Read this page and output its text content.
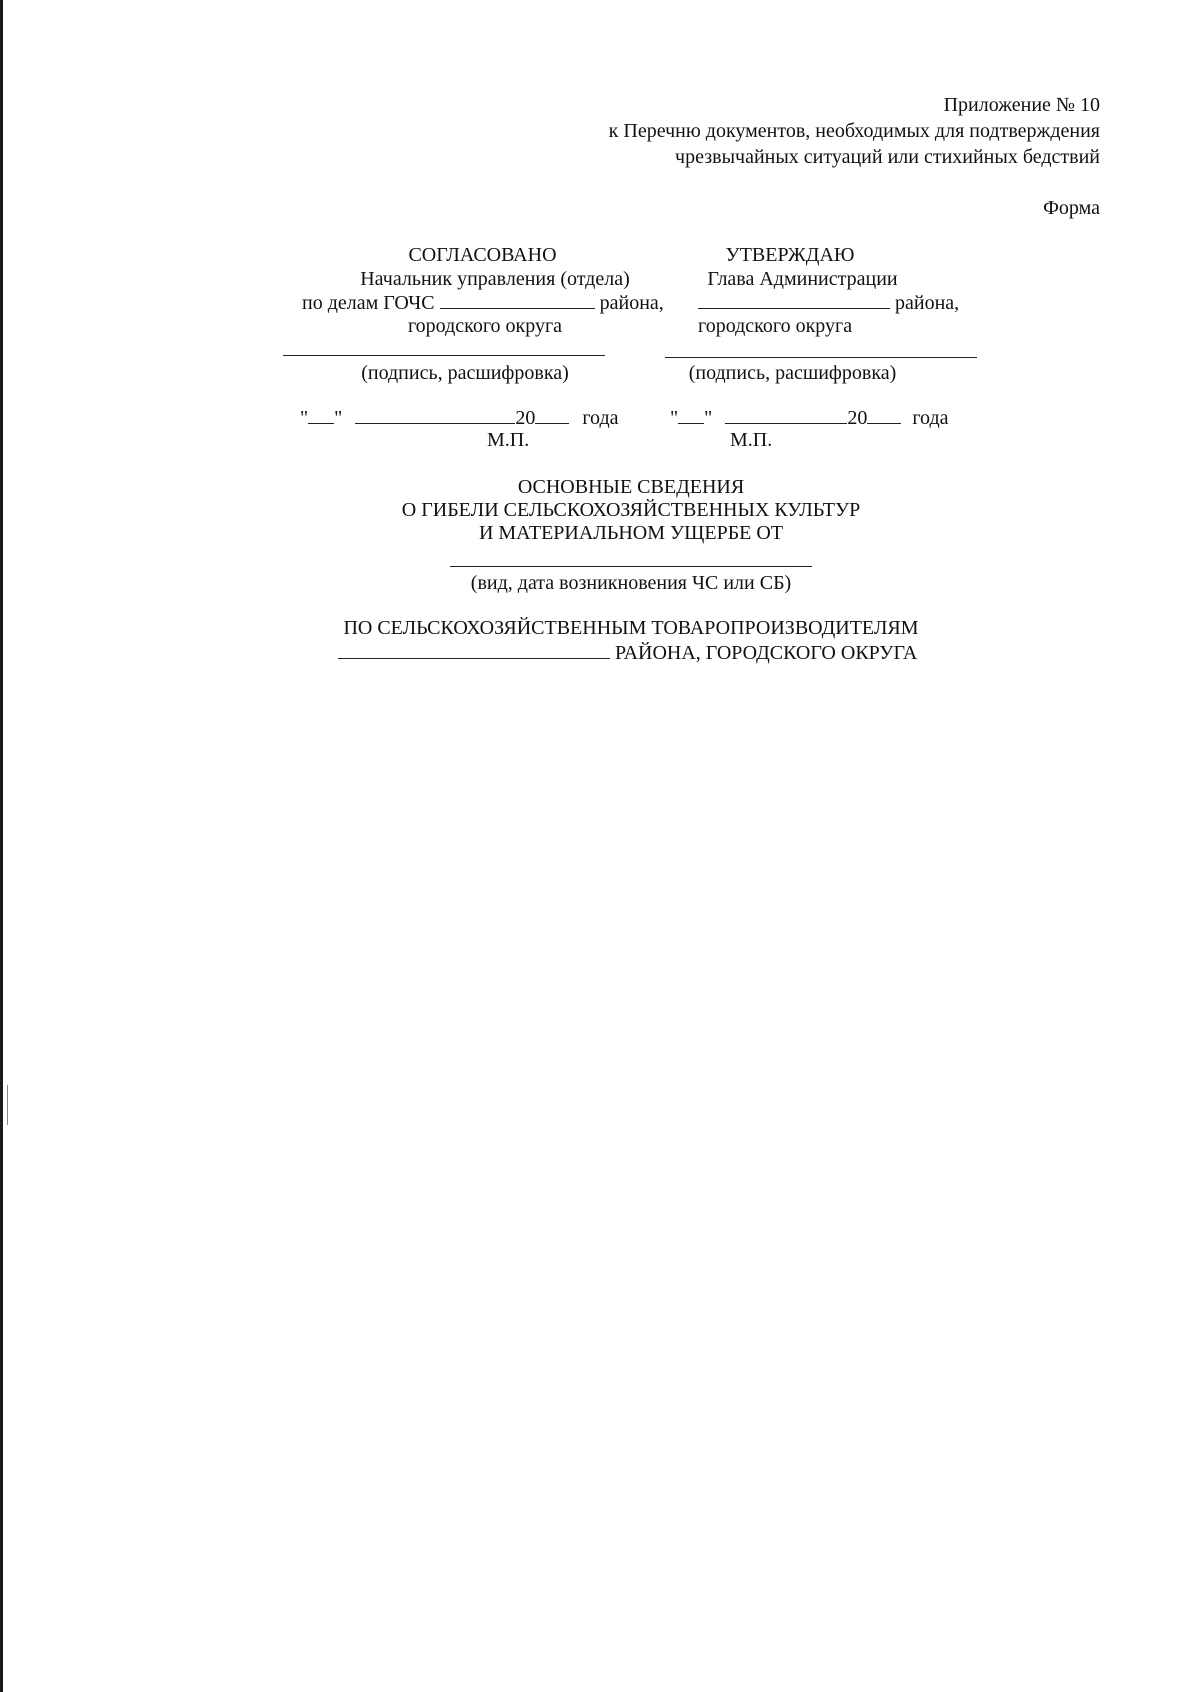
Приложение № 10
к Перечню документов, необходимых для подтверждения
чрезвычайных ситуаций или стихийных бедствий
Форма
СОГЛАСОВАНО
Начальник управления (отдела)
по делам ГОЧС	района,
городского округа
(подпись, расшифровка)
" "	20 года
М.П.
УТВЕРЖДАЮ
Глава Администрации
района,
городского округа
(подпись, расшифровка)
" "	20 года
М.П.
ОСНОВНЫЕ СВЕДЕНИЯ
О ГИБЕЛИ СЕЛЬСКОХОЗЯЙСТВЕННЫХ КУЛЬТУР
И МАТЕРИАЛЬНОМ УЩЕРБЕ ОТ
(вид, дата возникновения ЧС или СБ)
ПО СЕЛЬСКОХОЗЯЙСТВЕННЫМ ТОВАРОПРОИЗВОДИТЕЛЯМ
РАЙОНА, ГОРОДСКОГО ОКРУГА
